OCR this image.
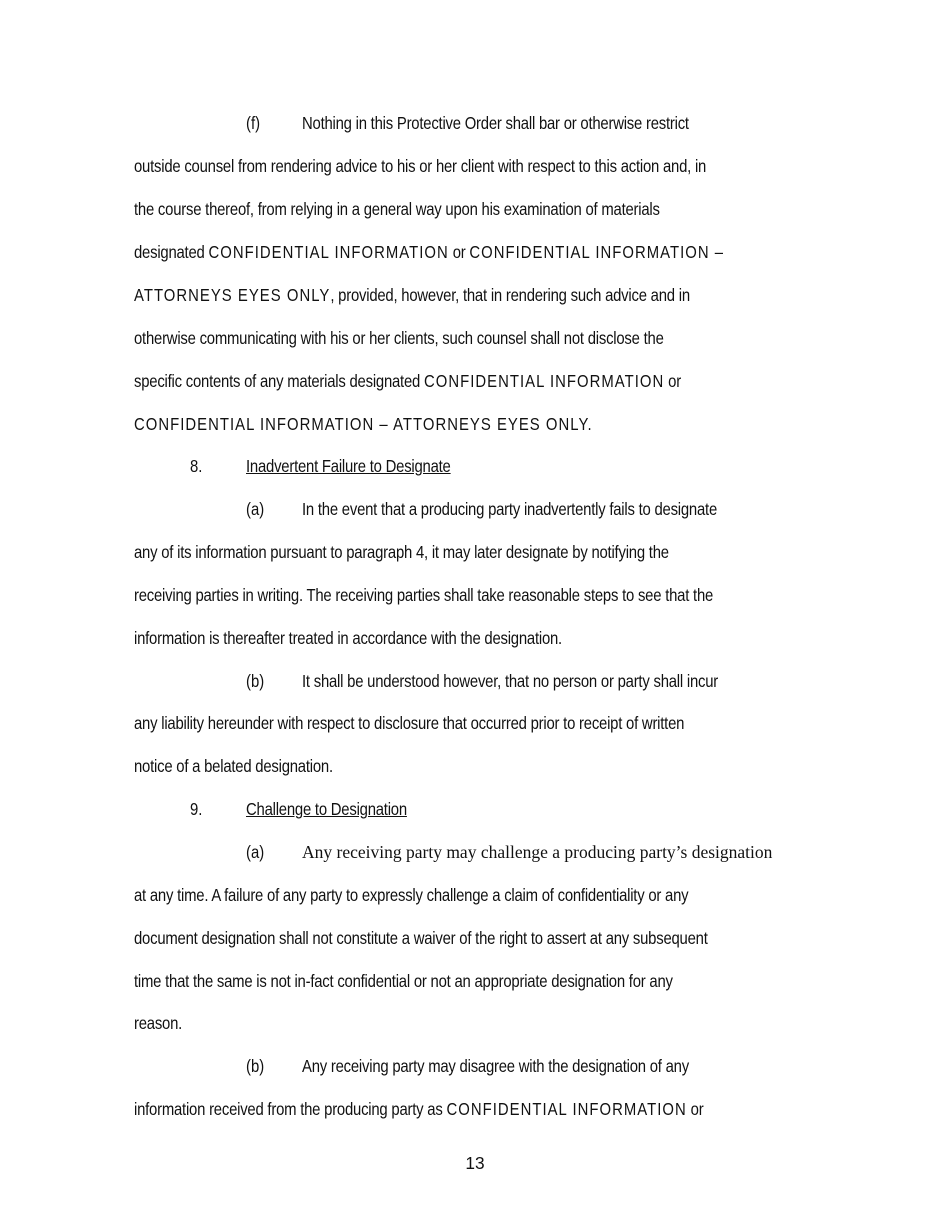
(f) Nothing in this Protective Order shall bar or otherwise restrict
outside counsel from rendering advice to his or her client with respect to this action and, in
the course thereof, from relying in a general way upon his examination of materials
designated CONFIDENTIAL INFORMATION or CONFIDENTIAL INFORMATION –
ATTORNEYS EYES ONLY, provided, however, that in rendering such advice and in
otherwise communicating with his or her clients, such counsel shall not disclose the
specific contents of any materials designated CONFIDENTIAL INFORMATION or
CONFIDENTIAL INFORMATION – ATTORNEYS EYES ONLY.
8.	Inadvertent Failure to Designate
(a) In the event that a producing party inadvertently fails to designate
any of its information pursuant to paragraph 4, it may later designate by notifying the
receiving parties in writing. The receiving parties shall take reasonable steps to see that the
information is thereafter treated in accordance with the designation.
(b) It shall be understood however, that no person or party shall incur
any liability hereunder with respect to disclosure that occurred prior to receipt of written
notice of a belated designation.
9.	Challenge to Designation
(a) Any receiving party may challenge a producing party’s designation
at any time. A failure of any party to expressly challenge a claim of confidentiality or any
document designation shall not constitute a waiver of the right to assert at any subsequent
time that the same is not in-fact confidential or not an appropriate designation for any
reason.
(b) Any receiving party may disagree with the designation of any
information received from the producing party as CONFIDENTIAL INFORMATION or
13
